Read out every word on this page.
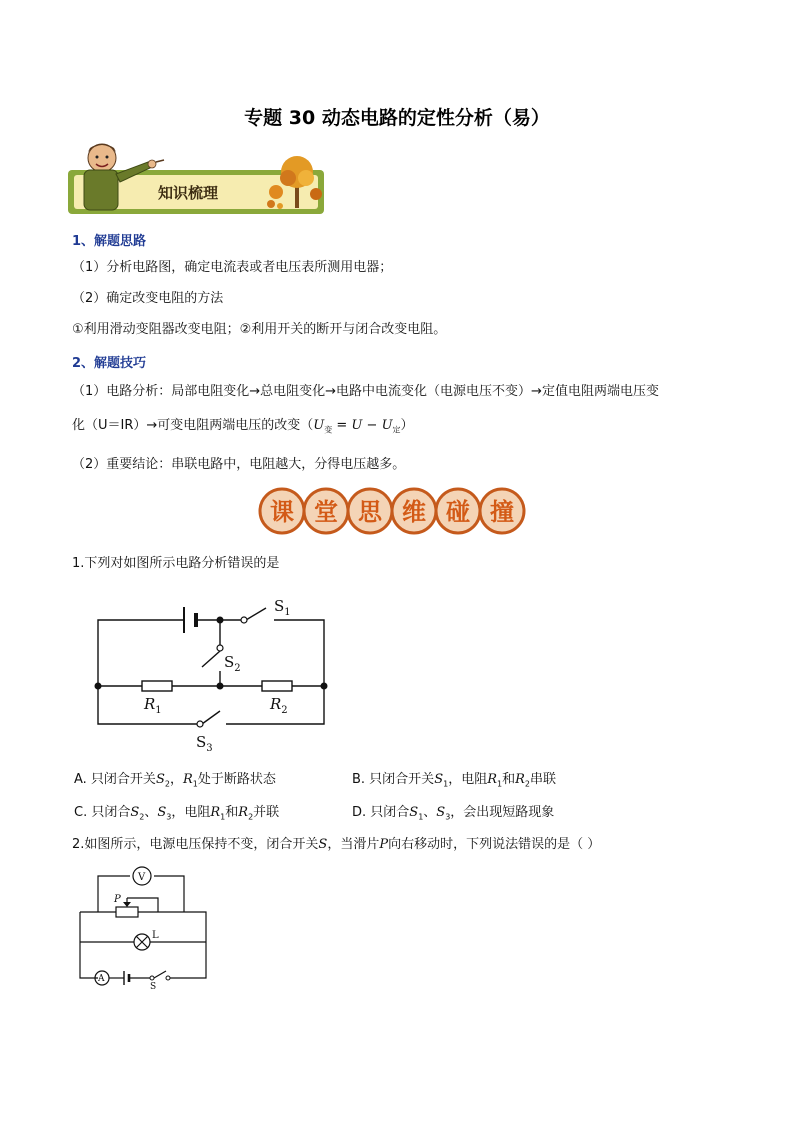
专题 30 动态电路的定性分析（易）
知识梳理
1、解题思路
（1）分析电路图，确定电流表或者电压表所测用电器；
（2）确定改变电阻的方法
①利用滑动变阻器改变电阻；②利用开关的断开与闭合改变电阻。
2、解题技巧
（1）电路分析：局部电阻变化→总电阻变化→电路中电流变化（电源电压不变）→定值电阻两端电压变
化（U＝IR）→可变电阻两端电压的改变$(U_变 = U - U_定)$
（2）重要结论：串联电路中，电阻越大，分得电压越多。
课 堂 思 维 碰 撞
1.下列对如图所示电路分析错误的是
$S_1$
$S_2$
$R_1$	$R_2$
$S_3$
A. 只闭合开关$S_2$，$R_1$处于断路状态	B. 只闭合开关$S_1$，电阻$R_1$和$R_2$串联
C. 只闭合$S_2$、$S_3$，电阻$R_1$和$R_2$并联	D. 只闭合$S_1$、$S_3$，会出现短路现象
2.如图所示，电源电压保持不变，闭合开关S，当滑片P向右移动时，下列说法错误的是（ ）
V
A
P
L
S
